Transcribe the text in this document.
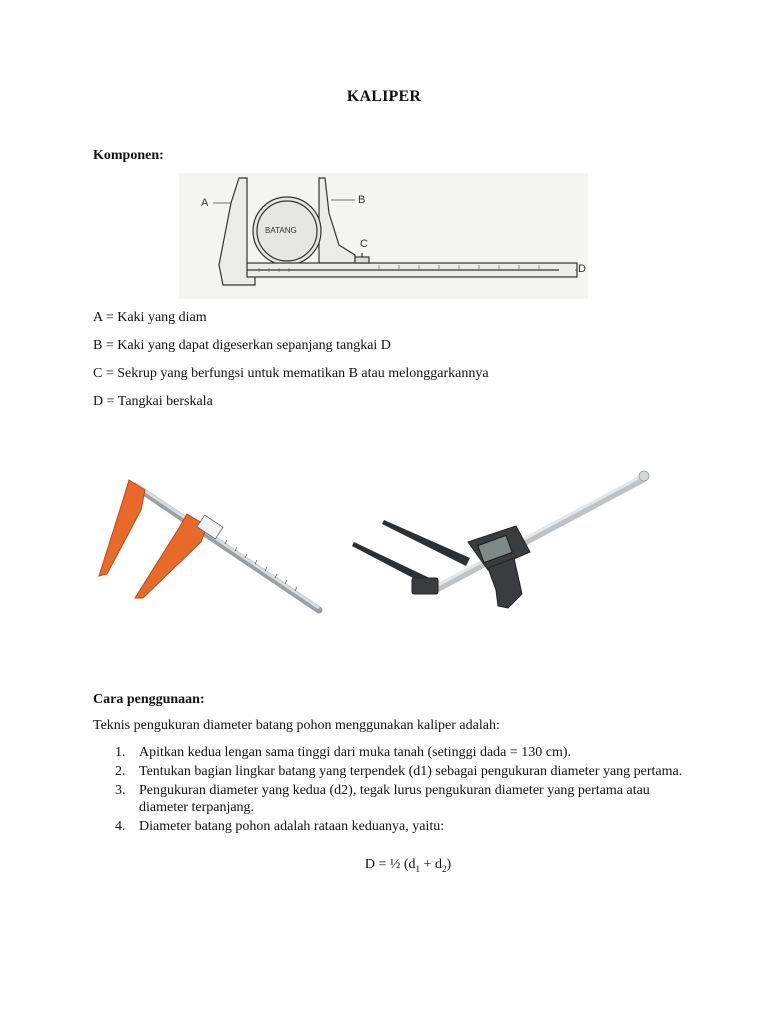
KALIPER
Komponen:
A	B
C
D
BATANG
A = Kaki yang diam
B = Kaki yang dapat digeserkan sepanjang tangkai D
C = Sekrup yang berfungsi untuk mematikan B atau melonggarkannya
D = Tangkai berskala
Cara penggunaan:
Teknis pengukuran diameter batang pohon menggunakan kaliper adalah:
1. Apitkan kedua lengan sama tinggi dari muka tanah (setinggi dada = 130 cm).
2. Tentukan bagian lingkar batang yang terpendek (d1) sebagai pengukuran diameter yang pertama.
3. Pengukuran diameter yang kedua (d2), tegak lurus pengukuran diameter yang pertama atau diameter terpanjang.
4. Diameter batang pohon adalah rataan keduanya, yaitu:
D = ½ $(d_1 + d_2)$
